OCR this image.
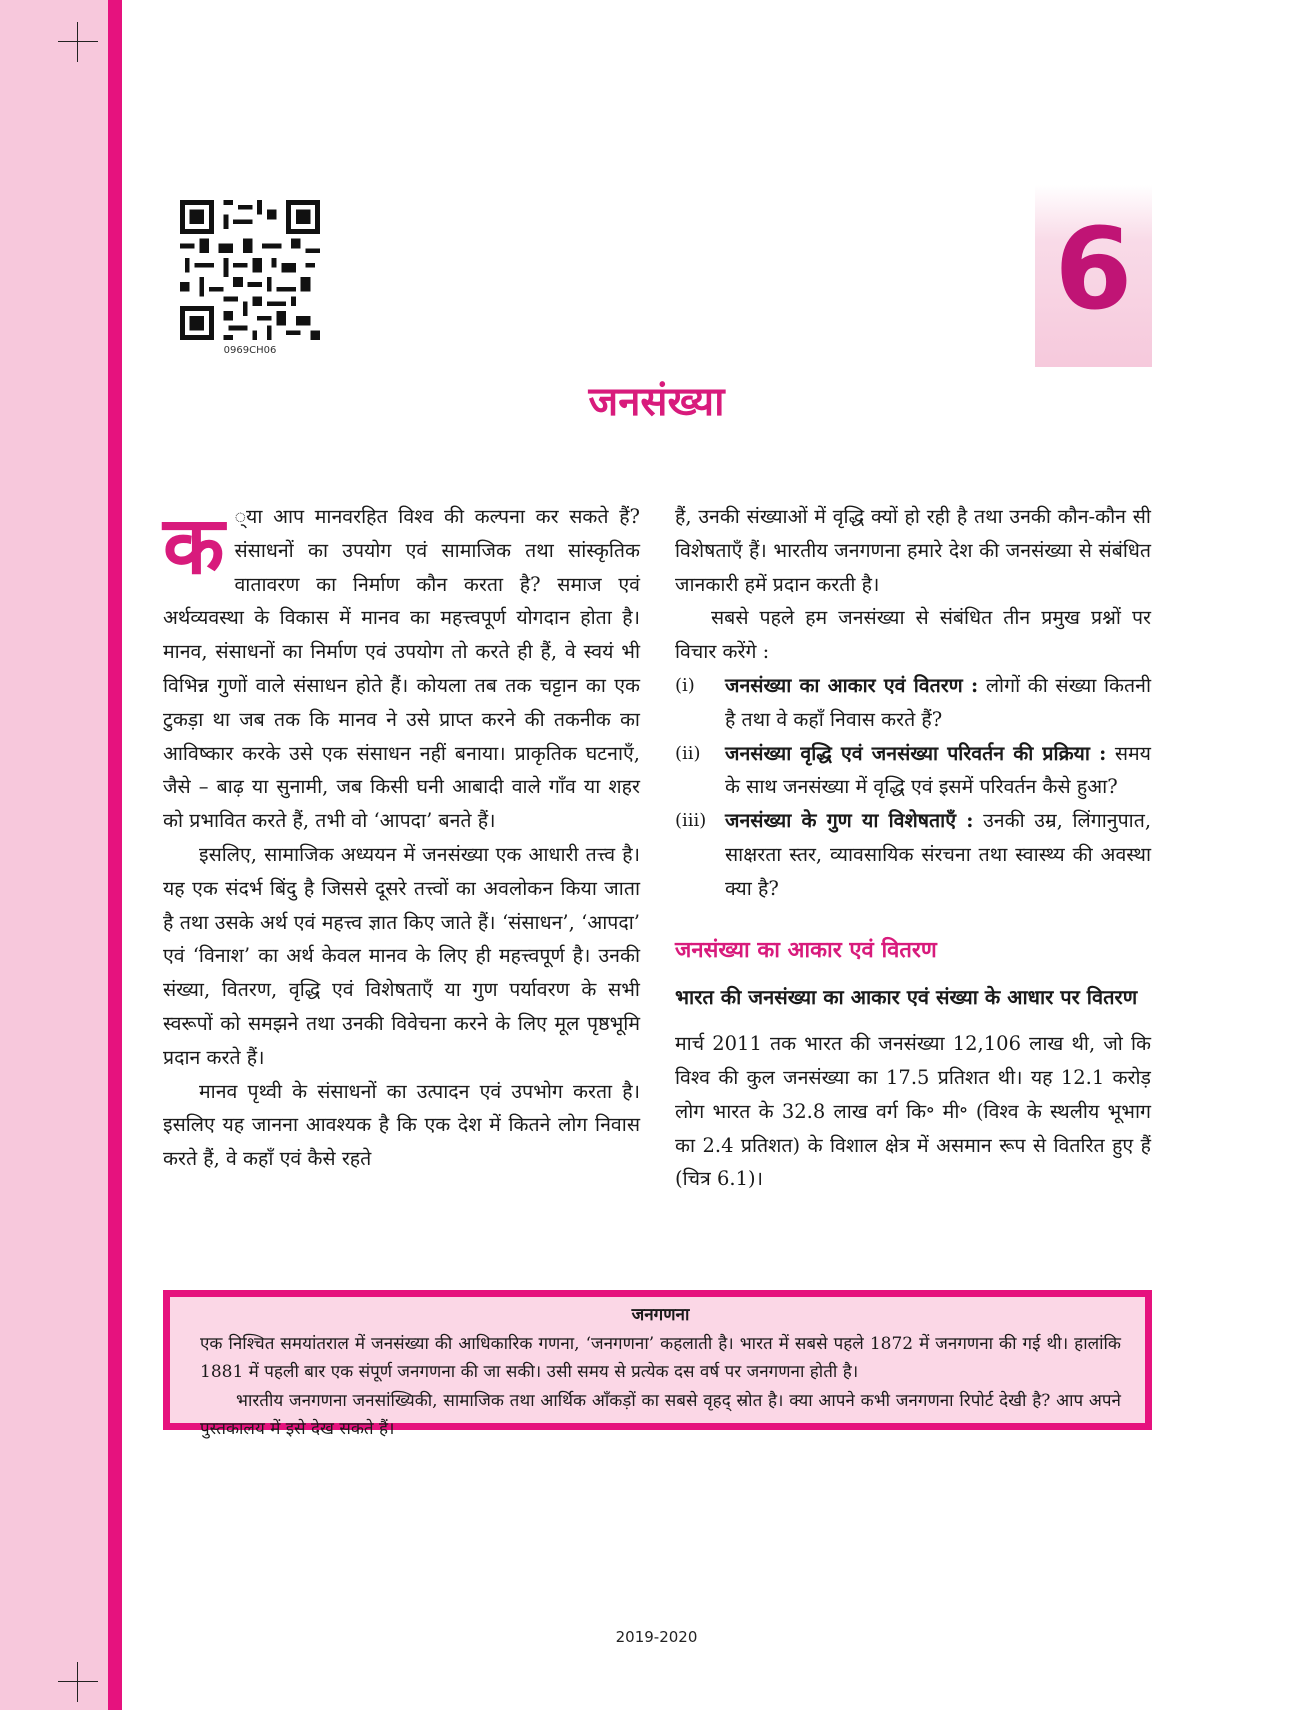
0969CH06
6
जनसंख्या

क ्या आप मानवरहित विश्व की कल्पना कर सकते हैं? संसाधनों का उपयोग एवं सामाजिक तथा सांस्कृतिक वातावरण का निर्माण कौन करता है? समाज एवं अर्थव्यवस्था के विकास में मानव का महत्त्वपूर्ण योगदान होता है। मानव, संसाधनों का निर्माण एवं उपयोग तो करते ही हैं, वे स्वयं भी विभिन्न गुणों वाले संसाधन होते हैं। कोयला तब तक चट्टान का एक टुकड़ा था जब तक कि मानव ने उसे प्राप्त करने की तकनीक का आविष्कार करके उसे एक संसाधन नहीं बनाया। प्राकृतिक घटनाएँ, जैसे – बाढ़ या सुनामी, जब किसी घनी आबादी वाले गाँव या शहर को प्रभावित करते हैं, तभी वो ‘आपदा’ बनते हैं।

इसलिए, सामाजिक अध्ययन में जनसंख्या एक आधारी तत्त्व है। यह एक संदर्भ बिंदु है जिससे दूसरे तत्त्वों का अवलोकन किया जाता है तथा उसके अर्थ एवं महत्त्व ज्ञात किए जाते हैं। ‘संसाधन’, ‘आपदा’ एवं ‘विनाश’ का अर्थ केवल मानव के लिए ही महत्त्वपूर्ण है। उनकी संख्या, वितरण, वृद्धि एवं विशेषताएँ या गुण पर्यावरण के सभी स्वरूपों को समझने तथा उनकी विवेचना करने के लिए मूल पृष्ठभूमि प्रदान करते हैं।

मानव पृथ्वी के संसाधनों का उत्पादन एवं उपभोग करता है। इसलिए यह जानना आवश्यक है कि एक देश में कितने लोग निवास करते हैं, वे कहाँ एवं कैसे रहते

हैं, उनकी संख्याओं में वृद्धि क्यों हो रही है तथा उनकी कौन-कौन सी विशेषताएँ हैं। भारतीय जनगणना हमारे देश की जनसंख्या से संबंधित जानकारी हमें प्रदान करती है।

सबसे पहले हम जनसंख्या से संबंधित तीन प्रमुख प्रश्नों पर विचार करेंगे :

(i) जनसंख्या का आकार एवं वितरण : लोगों की संख्या कितनी है तथा वे कहाँ निवास करते हैं?
(ii) जनसंख्या वृद्धि एवं जनसंख्या परिवर्तन की प्रक्रिया : समय के साथ जनसंख्या में वृद्धि एवं इसमें परिवर्तन कैसे हुआ?
(iii) जनसंख्या के गुण या विशेषताएँ : उनकी उम्र, लिंगानुपात, साक्षरता स्तर, व्यावसायिक संरचना तथा स्वास्थ्य की अवस्था क्या है?
जनसंख्या का आकार एवं वितरण
भारत की जनसंख्या का आकार एवं संख्या के आधार पर वितरण

मार्च 2011 तक भारत की जनसंख्या 12,106 लाख थी, जो कि विश्व की कुल जनसंख्या का 17.5 प्रतिशत थी। यह 12.1 करोड़ लोग भारत के 32.8 लाख वर्ग कि॰ मी॰ (विश्व के स्थलीय भूभाग का 2.4 प्रतिशत) के विशाल क्षेत्र में असमान रूप से वितरित हुए हैं (चित्र 6.1)।

जनगणना

एक निश्चित समयांतराल में जनसंख्या की आधिकारिक गणना, ‘जनगणना’ कहलाती है। भारत में सबसे पहले 1872 में जनगणना की गई थी। हालांकि 1881 में पहली बार एक संपूर्ण जनगणना की जा सकी। उसी समय से प्रत्येक दस वर्ष पर जनगणना होती है।

भारतीय जनगणना जनसांख्यिकी, सामाजिक तथा आर्थिक आँकड़ों का सबसे वृहद् स्रोत है। क्या आपने कभी जनगणना रिपोर्ट देखी है? आप अपने पुस्तकालय में इसे देख सकते हैं।

2019-2020
